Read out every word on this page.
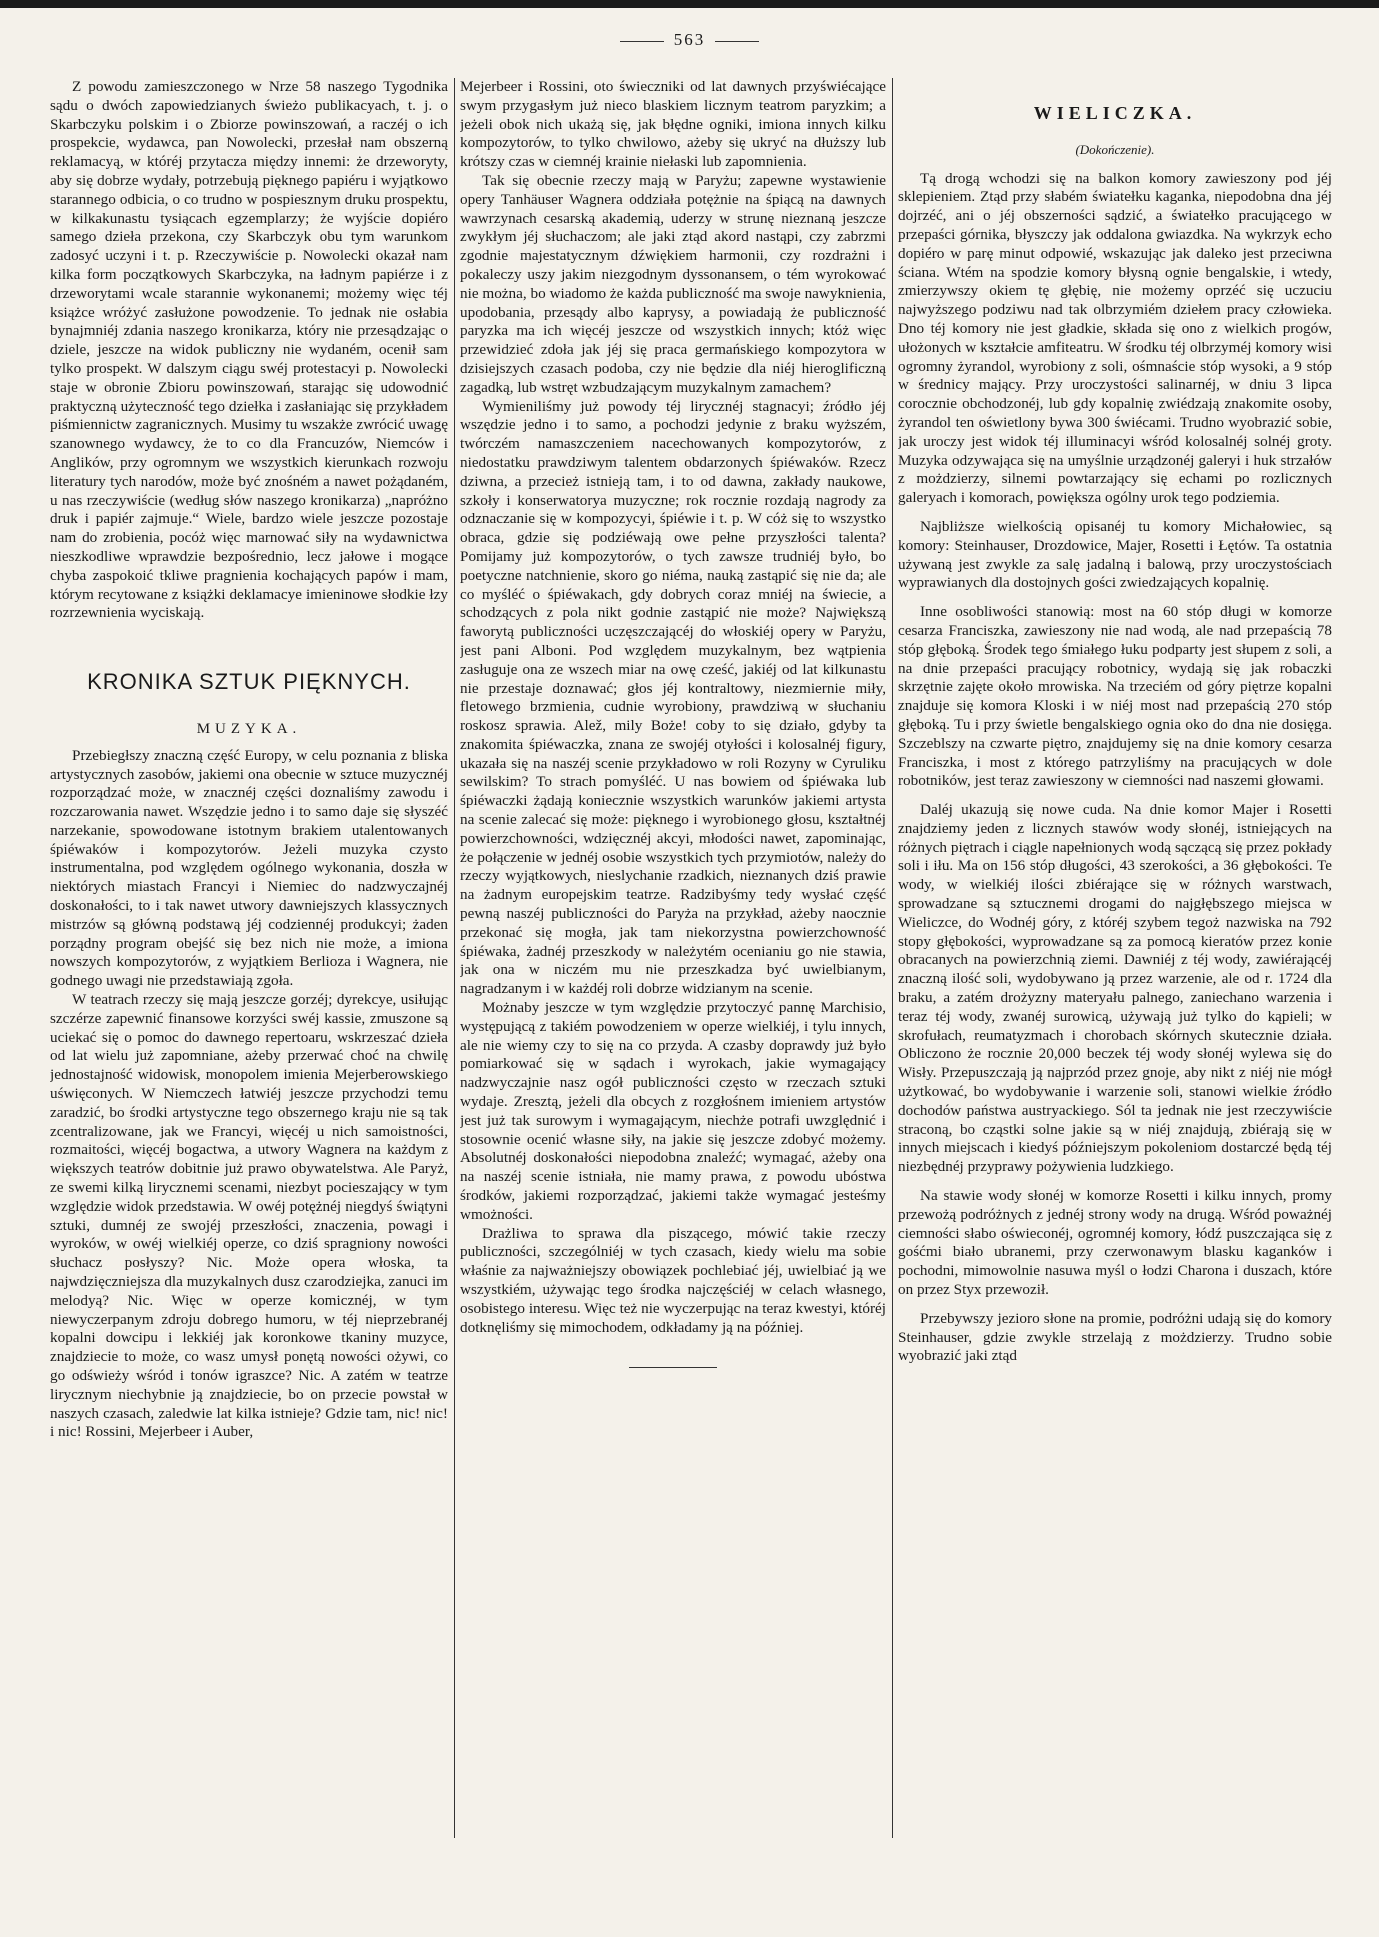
563

Z powodu zamieszczonego w Nrze 58 naszego Tygodnika sądu o dwóch zapowiedzianych świeżo publikacyach, t. j. o Skarbczyku polskim i o Zbiorze powinszowań, a raczéj o ich prospekcie, wydawca, pan Nowolecki, przesłał nam obszerną reklamacyą, w któréj przytacza między innemi: że drzeworyty, aby się dobrze wydały, potrzebują pięknego papiéru i wyjątkowo starannego odbicia, o co trudno w pospiesznym druku prospektu, w kilkakunastu tysiącach egzemplarzy; że wyjście dopiéro samego dzieła przekona, czy Skarbczyk obu tym warunkom zadosyć uczyni i t. p. Rzeczywiście p. Nowolecki okazał nam kilka form początkowych Skarbczyka, na ładnym papiérze i z drzeworytami wcale starannie wykonanemi; możemy więc téj książce wróżyć zasłużone powodzenie. To jednak nie osłabia bynajmniéj zdania naszego kronikarza, który nie przesądzając o dziele, jeszcze na widok publiczny nie wydaném, ocenił sam tylko prospekt. W dalszym ciągu swéj protestacyi p. Nowolecki staje w obronie Zbioru powinszowań, starając się udowodnić praktyczną użyteczność tego dziełka i zasłaniając się przykładem piśmiennictw zagranicznych. Musimy tu wszakże zwrócić uwagę szanownego wydawcy, że to co dla Francuzów, Niemców i Anglików, przy ogromnym we wszystkich kierunkach rozwoju literatury tych narodów, może być znośném a nawet pożądaném, u nas rzeczywiście (według słów naszego kronikarza) „napróżno druk i papiér zajmuje.“ Wiele, bardzo wiele jeszcze pozostaje nam do zrobienia, pocóż więc marnować siły na wydawnictwa nieszkodliwe wprawdzie bezpośrednio, lecz jałowe i mogące chyba zaspokoić tkliwe pragnienia kochających papów i mam, którym recytowane z książki deklamacye imieninowe słodkie łzy rozrzewnienia wyciskają.

KRONIKA SZTUK PIĘKNYCH.
MUZYKA.

Przebiegłszy znaczną część Europy, w celu poznania z bliska artystycznych zasobów, jakiemi ona obecnie w sztuce muzycznéj rozporządzać może, w znacznéj części doznaliśmy zawodu i rozczarowania nawet. Wszędzie jedno i to samo daje się słyszéć narzekanie, spowodowane istotnym brakiem utalentowanych śpiéwaków i kompozytorów. Jeżeli muzyka czysto instrumentalna, pod względem ogólnego wykonania, doszła w niektórych miastach Francyi i Niemiec do nadzwyczajnéj doskonałości, to i tak nawet utwory dawniejszych klassycznych mistrzów są główną podstawą jéj codziennéj produkcyi; żaden porządny program obejść się bez nich nie może, a imiona nowszych kompozytorów, z wyjątkiem Berlioza i Wagnera, nie godnego uwagi nie przedstawiają zgoła.

W teatrach rzeczy się mają jeszcze gorzéj; dyrekcye, usiłując szczérze zapewnić finansowe korzyści swéj kassie, zmuszone są uciekać się o pomoc do dawnego repertoaru, wskrzeszać dzieła od lat wielu już zapomniane, ażeby przerwać choć na chwilę jednostajność widowisk, monopolem imienia Mejerberowskiego uświęconych. W Niemczech łatwiéj jeszcze przychodzi temu zaradzić, bo środki artystyczne tego obszernego kraju nie są tak zcentralizowane, jak we Francyi, więcéj u nich samoistności, rozmaitości, więcéj bogactwa, a utwory Wagnera na każdym z większych teatrów dobitnie już prawo obywatelstwa. Ale Paryż, ze swemi kilką lirycznemi scenami, niezbyt pocieszający w tym względzie widok przedstawia. W owéj potężnéj niegdyś świątyni sztuki, dumnéj ze swojéj przeszłości, znaczenia, powagi i wyroków, w owéj wielkiéj operze, co dziś spragniony nowości słuchacz posłyszy? Nic. Może opera włoska, ta najwdzięczniejsza dla muzykalnych dusz czarodziejka, zanuci im melodyą? Nic. Więc w operze komicznéj, w tym niewyczerpanym zdroju dobrego humoru, w téj nieprzebranéj kopalni dowcipu i lekkiéj jak koronkowe tkaniny muzyce, znajdziecie to może, co wasz umysł ponętą nowości ożywi, co go odświeży wśród i tonów igraszce? Nic. A zatém w teatrze lirycznym niechybnie ją znajdziecie, bo on przecie powstał w naszych czasach, zaledwie lat kilka istnieje? Gdzie tam, nic! nic! i nic! Rossini, Mejerbeer i Auber,

Mejerbeer i Rossini, oto świeczniki od lat dawnych przyświécające swym przygasłym już nieco blaskiem licznym teatrom paryzkim; a jeżeli obok nich ukażą się, jak błędne ogniki, imiona innych kilku kompozytorów, to tylko chwilowo, ażeby się ukryć na dłuższy lub krótszy czas w ciemnéj krainie niełaski lub zapomnienia.

Tak się obecnie rzeczy mają w Paryżu; zapewne wystawienie opery Tanhäuser Wagnera oddziała potężnie na śpiącą na dawnych wawrzynach cesarską akademią, uderzy w strunę nieznaną jeszcze zwykłym jéj słuchaczom; ale jaki ztąd akord nastąpi, czy zabrzmi zgodnie majestatycznym dźwiękiem harmonii, czy rozdrażni i pokaleczy uszy jakim niezgodnym dyssonansem, o tém wyrokować nie można, bo wiadomo że każda publiczność ma swoje nawyknienia, upodobania, przesądy albo kaprysy, a powiadają że publiczność paryzka ma ich więcéj jeszcze od wszystkich innych; któż więc przewidzieć zdoła jak jéj się praca germańskiego kompozytora w dzisiejszych czasach podoba, czy nie będzie dla niéj hieroglificzną zagadką, lub wstręt wzbudzającym muzykalnym zamachem?

Wymieniliśmy już powody téj lirycznéj stagnacyi; źródło jéj wszędzie jedno i to samo, a pochodzi jedynie z braku wyższém, twórczém namaszczeniem nacechowanych kompozytorów, z niedostatku prawdziwym talentem obdarzonych śpiéwaków. Rzecz dziwna, a przecież istnieją tam, i to od dawna, zakłady naukowe, szkoły i konserwatorya muzyczne; rok rocznie rozdają nagrody za odznaczanie się w kompozycyi, śpiéwie i t. p. W cóż się to wszystko obraca, gdzie się podziéwają owe pełne przyszłości talenta? Pomijamy już kompozytorów, o tych zawsze trudniéj było, bo poetyczne natchnienie, skoro go niéma, nauką zastąpić się nie da; ale co myśléć o śpiéwakach, gdy dobrych coraz mniéj na świecie, a schodzących z pola nikt godnie zastąpić nie może? Największą faworytą publiczności uczęszczającéj do włoskiéj opery w Paryżu, jest pani Alboni. Pod względem muzykalnym, bez wątpienia zasługuje ona ze wszech miar na owę cześć, jakiéj od lat kilkunastu nie przestaje doznawać; głos jéj kontraltowy, niezmiernie miły, fletowego brzmienia, cudnie wyrobiony, prawdziwą w słuchaniu roskosz sprawia. Alež, mily Boże! coby to się działo, gdyby ta znakomita śpiéwaczka, znana ze swojéj otyłości i kolosalnéj figury, ukazała się na naszéj scenie przykładowo w roli Rozyny w Cyruliku sewilskim? To strach pomyśléć. U nas bowiem od śpiéwaka lub śpiéwaczki żądają koniecznie wszystkich warunków jakiemi artysta na scenie zalecać się może: pięknego i wyrobionego głosu, kształtnéj powierzchowności, wdzięcznéj akcyi, młodości nawet, zapominając, że połączenie w jednéj osobie wszystkich tych przymiotów, należy do rzeczy wyjątkowych, nieslychanie rzadkich, nieznanych dziś prawie na żadnym europejskim teatrze. Radzibyśmy tedy wysłać część pewną naszéj publiczności do Paryża na przykład, ażeby naocznie przekonać się mogła, jak tam niekorzystna powierzchowność śpiéwaka, żadnéj przeszkody w należytém ocenianiu go nie stawia, jak ona w niczém mu nie przeszkadza być uwielbianym, nagradzanym i w każdéj roli dobrze widzianym na scenie.

Możnaby jeszcze w tym względzie przytoczyć pannę Marchisio, występującą z takiém powodzeniem w operze wielkiéj, i tylu innych, ale nie wiemy czy to się na co przyda. A czasby doprawdy już było pomiarkować się w sądach i wyrokach, jakie wymagający nadzwyczajnie nasz ogół publiczności często w rzeczach sztuki wydaje. Zresztą, jeżeli dla obcych z rozgłośnem imieniem artystów jest już tak surowym i wymagającym, niechże potrafi uwzględnić i stosownie ocenić własne siły, na jakie się jeszcze zdobyć możemy. Absolutnéj doskonałości niepodobna znaleźć; wymagać, ażeby ona na naszéj scenie istniała, nie mamy prawa, z powodu ubóstwa środków, jakiemi rozporządzać, jakiemi także wymagać jesteśmy wmożności.

Drażliwa to sprawa dla piszącego, mówić takie rzeczy publiczności, szczególniéj w tych czasach, kiedy wielu ma sobie właśnie za najważniejszy obowiązek pochlebiać jéj, uwielbiać ją we wszystkiém, używając tego środka najczęściéj w celach własnego, osobistego interesu. Więc też nie wyczerpując na teraz kwestyi, któréj dotknęliśmy się mimochodem, odkładamy ją na później.

WIELICZKA.
(Dokończenie).

Tą drogą wchodzi się na balkon komory zawieszony pod jéj sklepieniem. Ztąd przy słabém światełku kaganka, niepodobna dna jéj dojrzéć, ani o jéj obszerności sądzić, a światełko pracującego w przepaści górnika, błyszczy jak oddalona gwiazdka. Na wykrzyk echo dopiéro w parę minut odpowié, wskazując jak daleko jest przeciwna ściana. Wtém na spodzie komory błysną ognie bengalskie, i wtedy, zmierzywszy okiem tę głębię, nie możemy oprzéć się uczuciu najwyższego podziwu nad tak olbrzymiém dziełem pracy człowieka. Dno téj komory nie jest gładkie, składa się ono z wielkich progów, ułożonych w kształcie amfiteatru. W środku téj olbrzyméj komory wisi ogromny żyrandol, wyrobiony z soli, ośmnaście stóp wysoki, a 9 stóp w średnicy mający. Przy uroczystości salinarnéj, w dniu 3 lipca corocznie obchodzonéj, lub gdy kopalnię zwiédzają znakomite osoby, żyrandol ten oświetlony bywa 300 świécami. Trudno wyobrazić sobie, jak uroczy jest widok téj illuminacyi wśród kolosalnéj solnéj groty. Muzyka odzywająca się na umyślnie urządzonéj galeryi i huk strzałów z możdzierzy, silnemi powtarzający się echami po rozlicznych galeryach i komorach, powiększa ogólny urok tego podziemia.

Najbliższe wielkością opisanéj tu komory Michałowiec, są komory: Steinhauser, Drozdowice, Majer, Rosetti i Łętów. Ta ostatnia używaną jest zwykle za salę jadalną i balową, przy uroczystościach wyprawianych dla dostojnych gości zwiedzających kopalnię.

Inne osobliwości stanowią: most na 60 stóp długi w komorze cesarza Franciszka, zawieszony nie nad wodą, ale nad przepaścią 78 stóp głęboką. Środek tego śmiałego łuku podparty jest słupem z soli, a na dnie przepaści pracujący robotnicy, wydają się jak robaczki skrzętnie zajęte około mrowiska. Na trzeciém od góry piętrze kopalni znajduje się komora Kloski i w niéj most nad przepaścią 270 stóp głęboką. Tu i przy świetle bengalskiego ognia oko do dna nie dosięga. Szczeblszy na czwarte piętro, znajdujemy się na dnie komory cesarza Franciszka, i most z którego patrzyliśmy na pracujących w dole robotników, jest teraz zawieszony w ciemności nad naszemi głowami.

Daléj ukazują się nowe cuda. Na dnie komor Majer i Rosetti znajdziemy jeden z licznych stawów wody słonéj, istniejących na różnych piętrach i ciągle napełnionych wodą sączącą się przez pokłady soli i iłu. Ma on 156 stóp długości, 43 szerokości, a 36 głębokości. Te wody, w wielkiéj ilości zbiérające się w różnych warstwach, sprowadzane są sztucznemi drogami do najgłębszego miejsca w Wieliczce, do Wodnéj góry, z któréj szybem tegoż nazwiska na 792 stopy głębokości, wyprowadzane są za pomocą kieratów przez konie obracanych na powierzchnią ziemi. Dawniéj z téj wody, zawiérającéj znaczną ilość soli, wydobywano ją przez warzenie, ale od r. 1724 dla braku, a zatém drożyzny materyału palnego, zaniechano warzenia i teraz téj wody, zwanéj surowicą, używają już tylko do kąpieli; w skrofułach, reumatyzmach i chorobach skórnych skutecznie działa. Obliczono że rocznie 20,000 beczek téj wody słonéj wylewa się do Wisły. Przepuszczają ją najprzód przez gnoje, aby nikt z niéj nie mógł użytkować, bo wydobywanie i warzenie soli, stanowi wielkie źródło dochodów państwa austryackiego. Sól ta jednak nie jest rzeczywiście straconą, bo cząstki solne jakie są w niéj znajdują, zbiérają się w innych miejscach i kiedyś późniejszym pokoleniom dostarczé będą téj niezbędnéj przyprawy pożywienia ludzkiego.

Na stawie wody słonéj w komorze Rosetti i kilku innych, promy przewożą podróżnych z jednéj strony wody na drugą. Wśród poważnéj ciemności słabo oświeconéj, ogromnéj komory, łódź puszczająca się z gośćmi biało ubranemi, przy czerwonawym blasku kaganków i pochodni, mimowolnie nasuwa myśl o łodzi Charona i duszach, które on przez Styx przewoził.

Przebywszy jezioro słone na promie, podróżni udają się do komory Steinhauser, gdzie zwykle strzelają z możdzierzy. Trudno sobie wyobrazić jaki ztąd
